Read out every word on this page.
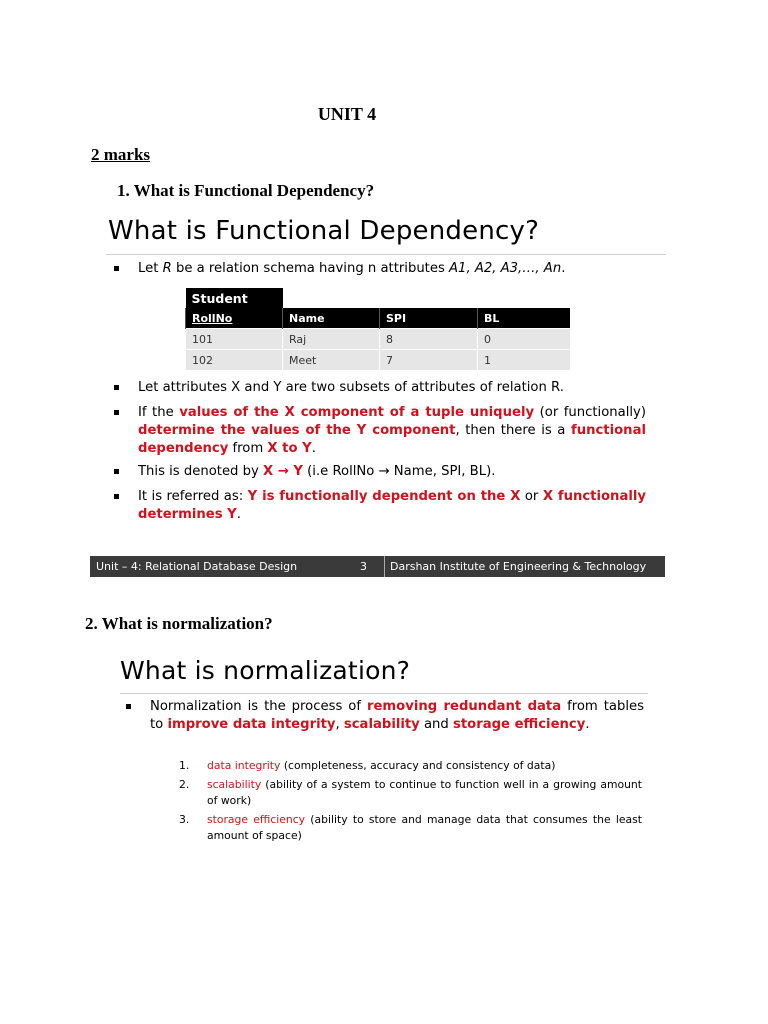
UNIT 4
2 marks
1. What is Functional Dependency?
What is Functional Dependency?
Let R be a relation schema having n attributes A1, A2, A3,…, An.
Student			
RollNo	Name	SPI	BL
101	Raj	8	0
102	Meet	7	1
Let attributes X and Y are two subsets of attributes of relation R.
If the values of the X component of a tuple uniquely (or functionally) determine the values of the Y component, then there is a functional dependency from X to Y.
This is denoted by X → Y (i.e RollNo → Name, SPI, BL).
It is referred as: Y is functionally dependent on the X or X functionally determines Y.
Unit – 4: Relational Database Design	3 Darshan Institute of Engineering & Technology
2. What is normalization?
What is normalization?
Normalization is the process of removing redundant data from tables to improve data integrity, scalability and storage efficiency.
1. data integrity (completeness, accuracy and consistency of data)
2. scalability (ability of a system to continue to function well in a growing amount of work)
3. storage efficiency (ability to store and manage data that consumes the least amount of space)
